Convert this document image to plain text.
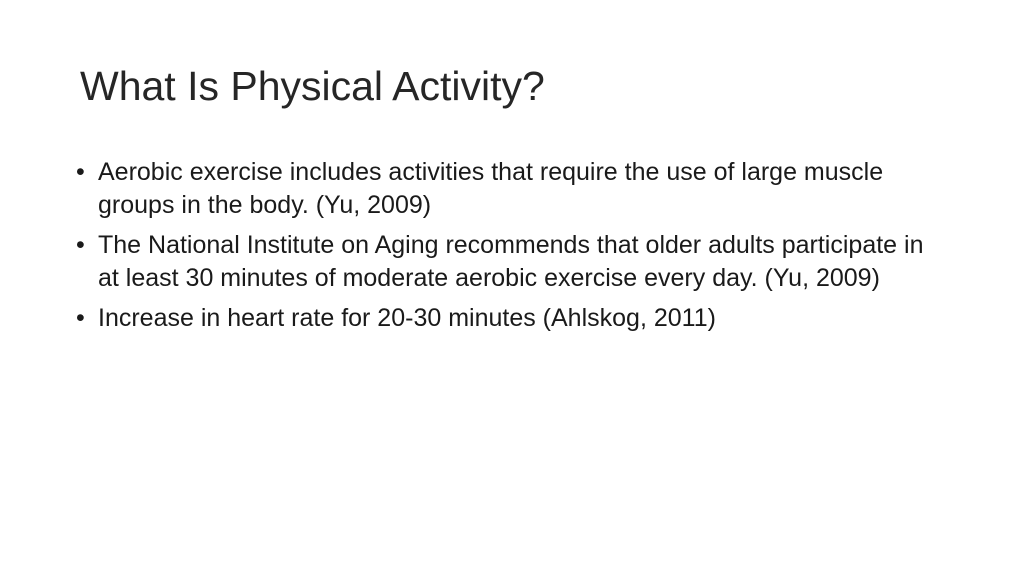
What Is Physical Activity?
• Aerobic exercise includes activities that require the use of large muscle groups in the body. (Yu, 2009)
• The National Institute on Aging recommends that older adults participate in at least 30 minutes of moderate aerobic exercise every day. (Yu, 2009)
• Increase in heart rate for 20-30 minutes (Ahlskog, 2011)
